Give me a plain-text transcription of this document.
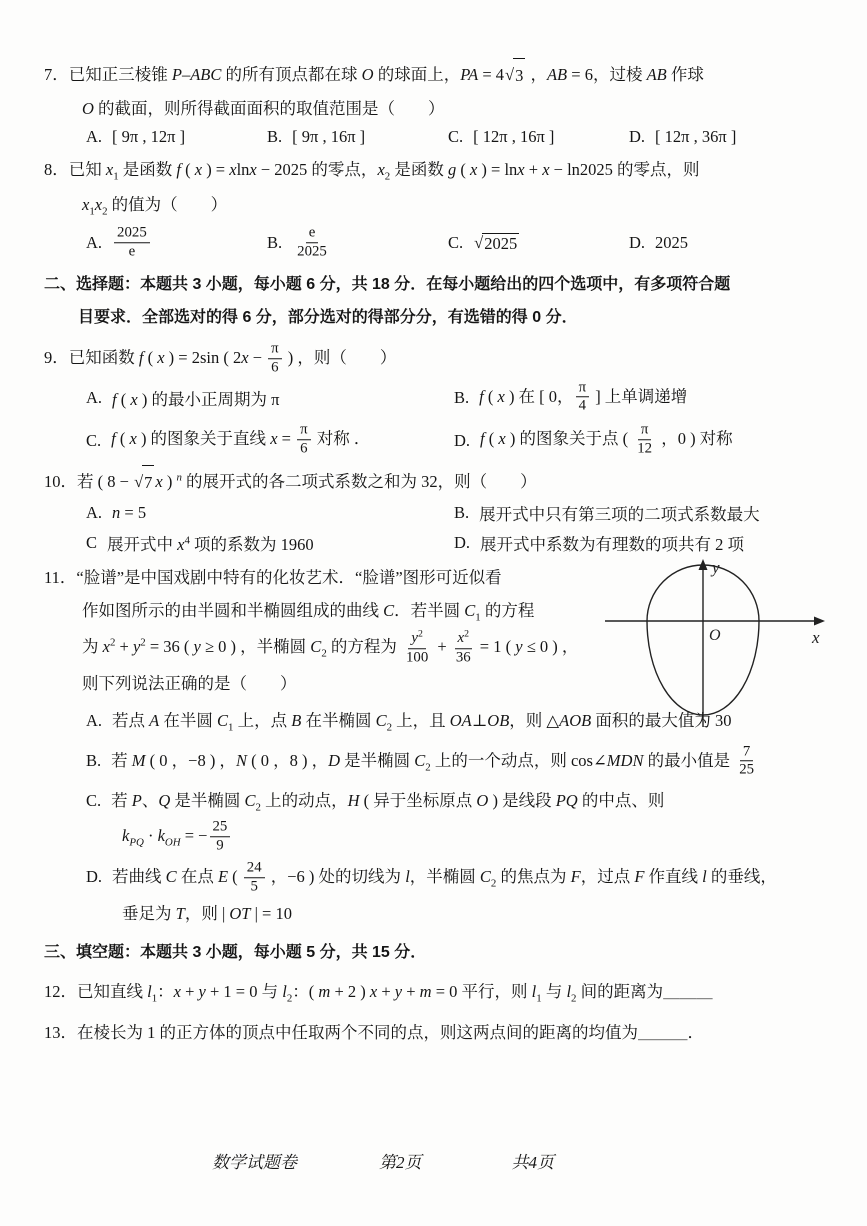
7．已知正三棱锥 P–ABC 的所有顶点都在球 O 的球面上，PA = 4 √ 3 ，AB = 6，过棱 AB 作球
O 的截面，则所得截面面积的取值范围是（　　）
A. [ 9π , 12π ]	B. [ 9π , 16π ]	C. [ 12π , 16π ]	D. [ 12π , 36π ]
8．已知 $x_1$ 是函数 f ( x ) = xlnx − 2025 的零点，$x_2$ 是函数 g ( x ) = lnx + x − ln2025 的零点，则
$x_1x_2$ 的值为（　　）
A. $\frac{2025}{e}$	B. $\frac{e}{2025}$	C. √ 2025	D. 2025
二、选择题：本题共 3 小题，每小题 6 分，共 18 分．在每小题给出的四个选项中，有多项符合题
目要求．全部选对的得 6 分，部分选对的得部分分，有选错的得 0 分．
9．已知函数 f ( x ) = 2sin ( $2x - \frac{\pi}{6}$ ) ，则（　　）
A. f ( x ) 的最小正周期为 π	B. f ( x ) 在 [ 0， $\frac{\pi}{4}$ ] 上单调递增
C. f ( x ) 的图象关于直线 $x = \frac{\pi}{6}$ 对称 ．	D. f ( x ) 的图象关于点 ( $\frac{\pi}{12}$ ，0 ) 对称
10．若 ( 8 − √ 7 x ) $^n$ 的展开式的各二项式系数之和为 32，则（　　）
A. n = 5	B. 展开式中只有第三项的二项式系数最大
C 展开式中 $x^4$ 项的系数为 1960	D. 展开式中系数为有理数的项共有 2 项
11．“脸谱”是中国戏剧中特有的化妆艺术．“脸谱”图形可近似看
作如图所示的由半圆和半椭圆组成的曲线 C．若半圆 $C_1$ 的方程
为 $x^2 + y^2 = 36$ ( y ≥ 0 ) ，半椭圆 $C_2$ 的方程为 $\frac{y^2}{100} + \frac{x^2}{36} = 1$ ( y ≤ 0 ) ，
则下列说法正确的是（　　）
y
x
O
A. 若点 A 在半圆 $C_1$ 上，点 B 在半椭圆 $C_2$ 上，且 OA⊥OB，则 △AOB 面积的最大值为 30
B. 若 M ( 0 ，−8 ) ，N ( 0 ，8 ) ，D 是半椭圆 $C_2$ 上的一个动点，则 cos∠MDN 的最小值是 $\frac{7}{25}$
C. 若 P、Q 是半椭圆 $C_2$ 上的动点，H ( 异于坐标原点 O ) 是线段 PQ 的中点、则
$k_{PQ} \cdot k_{OH}$ = − $\frac{25}{9}$
D. 若曲线 C 在点 E ( $\frac{24}{5}$ ，−6 ) 处的切线为 l，半椭圆 $C_2$ 的焦点为 F，过点 F 作直线 l 的垂线，
垂足为 T，则 | OT | = 10
三、填空题：本题共 3 小题，每小题 5 分，共 15 分．
12．已知直线 $l_1$：x + y + 1 = 0 与 $l_2$：( m + 2 ) x + y + m = 0 平行，则 $l_1$ 与 $l_2$ 间的距离为＿＿＿
13．在棱长为 1 的正方体的顶点中任取两个不同的点，则这两点间的距离的均值为＿＿＿．
数学试题卷	第2页	共4页
